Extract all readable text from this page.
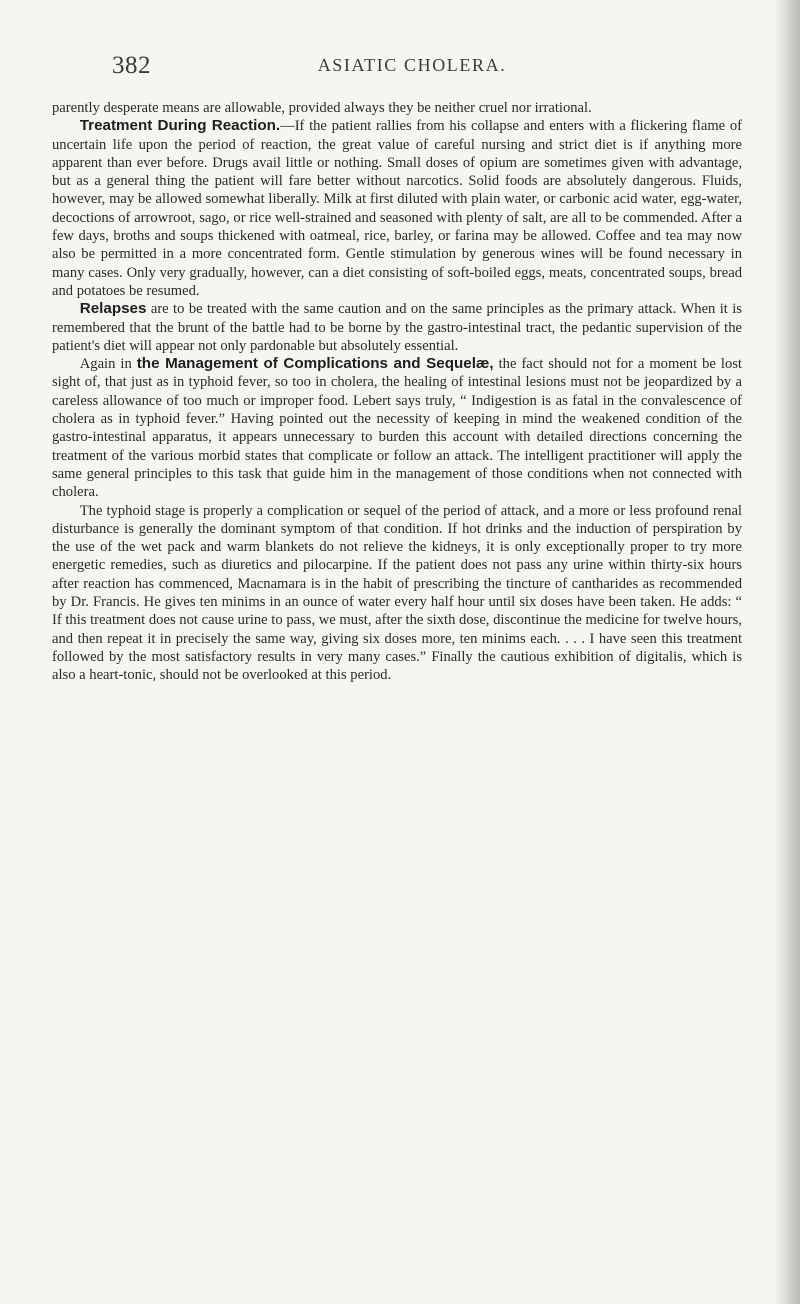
382	ASIATIC CHOLERA.

parently desperate means are allowable, provided always they be neither cruel nor irrational.

Treatment During Reaction.—If the patient rallies from his collapse and enters with a flickering flame of uncertain life upon the period of reaction, the great value of careful nursing and strict diet is if anything more apparent than ever before. Drugs avail little or nothing. Small doses of opium are sometimes given with advantage, but as a general thing the patient will fare better without narcotics. Solid foods are absolutely dangerous. Fluids, however, may be allowed somewhat liberally. Milk at first diluted with plain water, or carbonic acid water, egg-water, decoctions of arrowroot, sago, or rice well-strained and seasoned with plenty of salt, are all to be commended. After a few days, broths and soups thickened with oatmeal, rice, barley, or farina may be allowed. Coffee and tea may now also be permitted in a more concentrated form. Gentle stimulation by generous wines will be found necessary in many cases. Only very gradually, however, can a diet consisting of soft-boiled eggs, meats, concentrated soups, bread and potatoes be resumed.

Relapses are to be treated with the same caution and on the same principles as the primary attack. When it is remembered that the brunt of the battle had to be borne by the gastro-intestinal tract, the pedantic supervision of the patient's diet will appear not only pardonable but absolutely essential.

Again in the Management of Complications and Sequelæ, the fact should not for a moment be lost sight of, that just as in typhoid fever, so too in cholera, the healing of intestinal lesions must not be jeopardized by a careless allowance of too much or improper food. Lebert says truly, “ Indigestion is as fatal in the convalescence of cholera as in typhoid fever.” Having pointed out the necessity of keeping in mind the weakened condition of the gastro-intestinal apparatus, it appears unnecessary to burden this account with detailed directions concerning the treatment of the various morbid states that complicate or follow an attack. The intelligent practitioner will apply the same general principles to this task that guide him in the management of those conditions when not connected with cholera.

The typhoid stage is properly a complication or sequel of the period of attack, and a more or less profound renal disturbance is generally the dominant symptom of that condition. If hot drinks and the induction of perspiration by the use of the wet pack and warm blankets do not relieve the kidneys, it is only exceptionally proper to try more energetic remedies, such as diuretics and pilocarpine. If the patient does not pass any urine within thirty-six hours after reaction has commenced, Macnamara is in the habit of prescribing the tincture of cantharides as recommended by Dr. Francis. He gives ten minims in an ounce of water every half hour until six doses have been taken. He adds: “ If this treatment does not cause urine to pass, we must, after the sixth dose, discontinue the medicine for twelve hours, and then repeat it in precisely the same way, giving six doses more, ten minims each. . . . I have seen this treatment followed by the most satisfactory results in very many cases.” Finally the cautious exhibition of digitalis, which is also a heart-tonic, should not be overlooked at this period.
